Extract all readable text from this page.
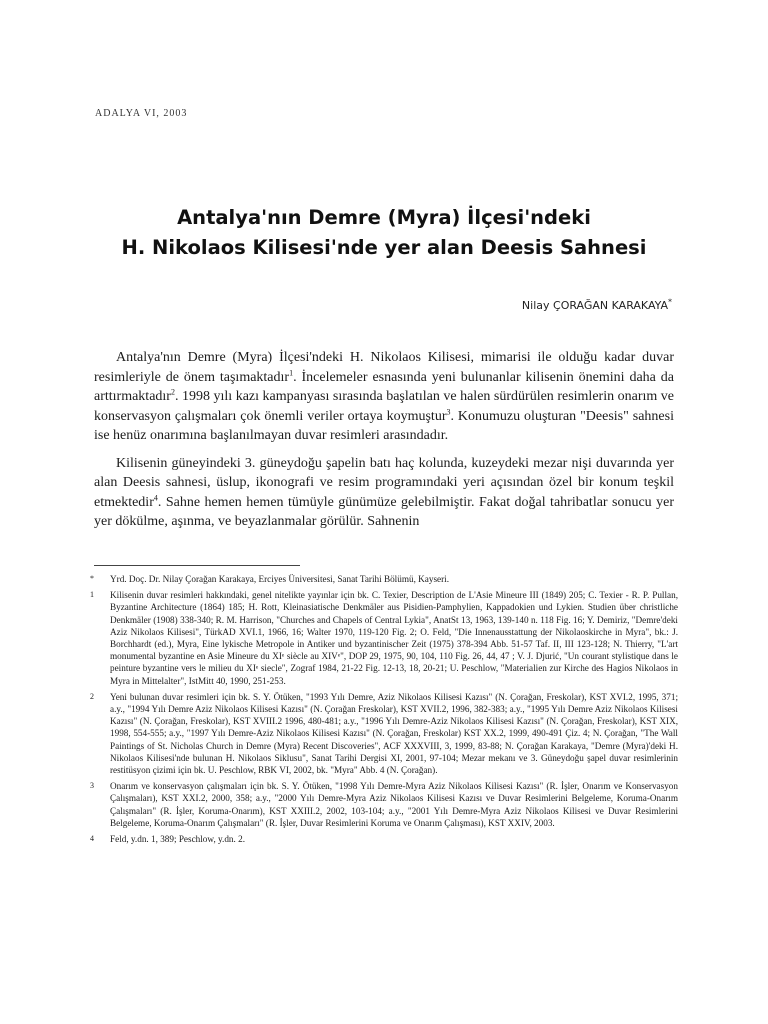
ADALYA VI, 2003
Antalya'nın Demre (Myra) İlçesi'ndeki
H. Nikolaos Kilisesi'nde yer alan Deesis Sahnesi
Nilay ÇORAĞAN KARAKAYA*

Antalya'nın Demre (Myra) İlçesi'ndeki H. Nikolaos Kilisesi, mimarisi ile olduğu kadar duvar resimleriyle de önem taşımaktadır$^1$. İncelemeler esnasında yeni bulunanlar kilisenin önemini daha da arttırmaktadır$^2$. 1998 yılı kazı kampanyası sırasında başlatılan ve halen sürdürülen resimlerin onarım ve konservasyon çalışmaları çok önemli veriler ortaya koymuştur$^3$. Konumuzu oluşturan "Deesis" sahnesi ise henüz onarımına başlanılmayan duvar resimleri arasındadır.

Kilisenin güneyindeki 3. güneydoğu şapelin batı haç kolunda, kuzeydeki mezar nişi duvarında yer alan Deesis sahnesi, üslup, ikonografi ve resim programındaki yeri açısından özel bir konum teşkil etmektedir$^4$. Sahne hemen hemen tümüyle günümüze gelebilmiştir. Fakat doğal tahribatlar sonucu yer yer dökülme, aşınma, ve beyazlanmalar görülür. Sahnenin

*	Yrd. Doç. Dr. Nilay Çorağan Karakaya, Erciyes Üniversitesi, Sanat Tarihi Bölümü, Kayseri.
1	Kilisenin duvar resimleri hakkındaki, genel nitelikte yayınlar için bk. C. Texier, Description de L'Asie Mineure III (1849) 205; C. Texier - R. P. Pullan, Byzantine Architecture (1864) 185; H. Rott, Kleinasiatische Denkmäler aus Pisidien-Pamphylien, Kappadokien und Lykien. Studien über christliche Denkmäler (1908) 338-340; R. M. Harrison, "Churches and Chapels of Central Lykia", AnatSt 13, 1963, 139-140 n. 118 Fig. 16; Y. Demiriz, "Demre'deki Aziz Nikolaos Kilisesi", TürkAD XVI.1, 1966, 16; Walter 1970, 119-120 Fig. 2; O. Feld, "Die Innenausstattung der Nikolaoskirche in Myra", bk.: J. Borchhardt (ed.), Myra, Eine lykische Metropole in Antiker und byzantinischer Zeit (1975) 378-394 Abb. 51-57 Taf. II, III 123-128; N. Thierry, "L'art monumental byzantine en Asie Mineure du XIᵉ siècle au XIVᵉ", DOP 29, 1975, 90, 104, 110 Fig. 26, 44, 47 ; V. J. Djurić, "Un courant stylistique dans le peinture byzantine vers le milieu du XIᵉ siecle", Zograf 1984, 21-22 Fig. 12-13, 18, 20-21; U. Peschlow, "Materialien zur Kirche des Hagios Nikolaos in Myra in Mittelalter", IstMitt 40, 1990, 251-253.
2	Yeni bulunan duvar resimleri için bk. S. Y. Ötüken, "1993 Yılı Demre, Aziz Nikolaos Kilisesi Kazısı" (N. Çorağan, Freskolar), KST XVI.2, 1995, 371; a.y., "1994 Yılı Demre Aziz Nikolaos Kilisesi Kazısı" (N. Çorağan Freskolar), KST XVII.2, 1996, 382-383; a.y., "1995 Yılı Demre Aziz Nikolaos Kilisesi Kazısı" (N. Çorağan, Freskolar), KST XVIII.2 1996, 480-481; a.y., "1996 Yılı Demre-Aziz Nikolaos Kilisesi Kazısı" (N. Çorağan, Freskolar), KST XIX, 1998, 554-555; a.y., "1997 Yılı Demre-Aziz Nikolaos Kilisesi Kazısı" (N. Çorağan, Freskolar) KST XX.2, 1999, 490-491 Çiz. 4; N. Çorağan, "The Wall Paintings of St. Nicholas Church in Demre (Myra) Recent Discoveries", ACF XXXVIII, 3, 1999, 83-88; N. Çorağan Karakaya, "Demre (Myra)'deki H. Nikolaos Kilisesi'nde bulunan H. Nikolaos Siklusu", Sanat Tarihi Dergisi XI, 2001, 97-104; Mezar mekanı ve 3. Güneydoğu şapel duvar resimlerinin restitüsyon çizimi için bk. U. Peschlow, RBK VI, 2002, bk. "Myra" Abb. 4 (N. Çorağan).
3	Onarım ve konservasyon çalışmaları için bk. S. Y. Ötüken, "1998 Yılı Demre-Myra Aziz Nikolaos Kilisesi Kazısı" (R. İşler, Onarım ve Konservasyon Çalışmaları), KST XXI.2, 2000, 358; a.y., "2000 Yılı Demre-Myra Aziz Nikolaos Kilisesi Kazısı ve Duvar Resimlerini Belgeleme, Koruma-Onarım Çalışmaları" (R. İşler, Koruma-Onarım), KST XXIII.2, 2002, 103-104; a.y., "2001 Yılı Demre-Myra Aziz Nikolaos Kilisesi ve Duvar Resimlerini Belgeleme, Koruma-Onarım Çalışmaları" (R. İşler, Duvar Resimlerini Koruma ve Onarım Çalışması), KST XXIV, 2003.
4	Feld, y.dn. 1, 389; Peschlow, y.dn. 2.
